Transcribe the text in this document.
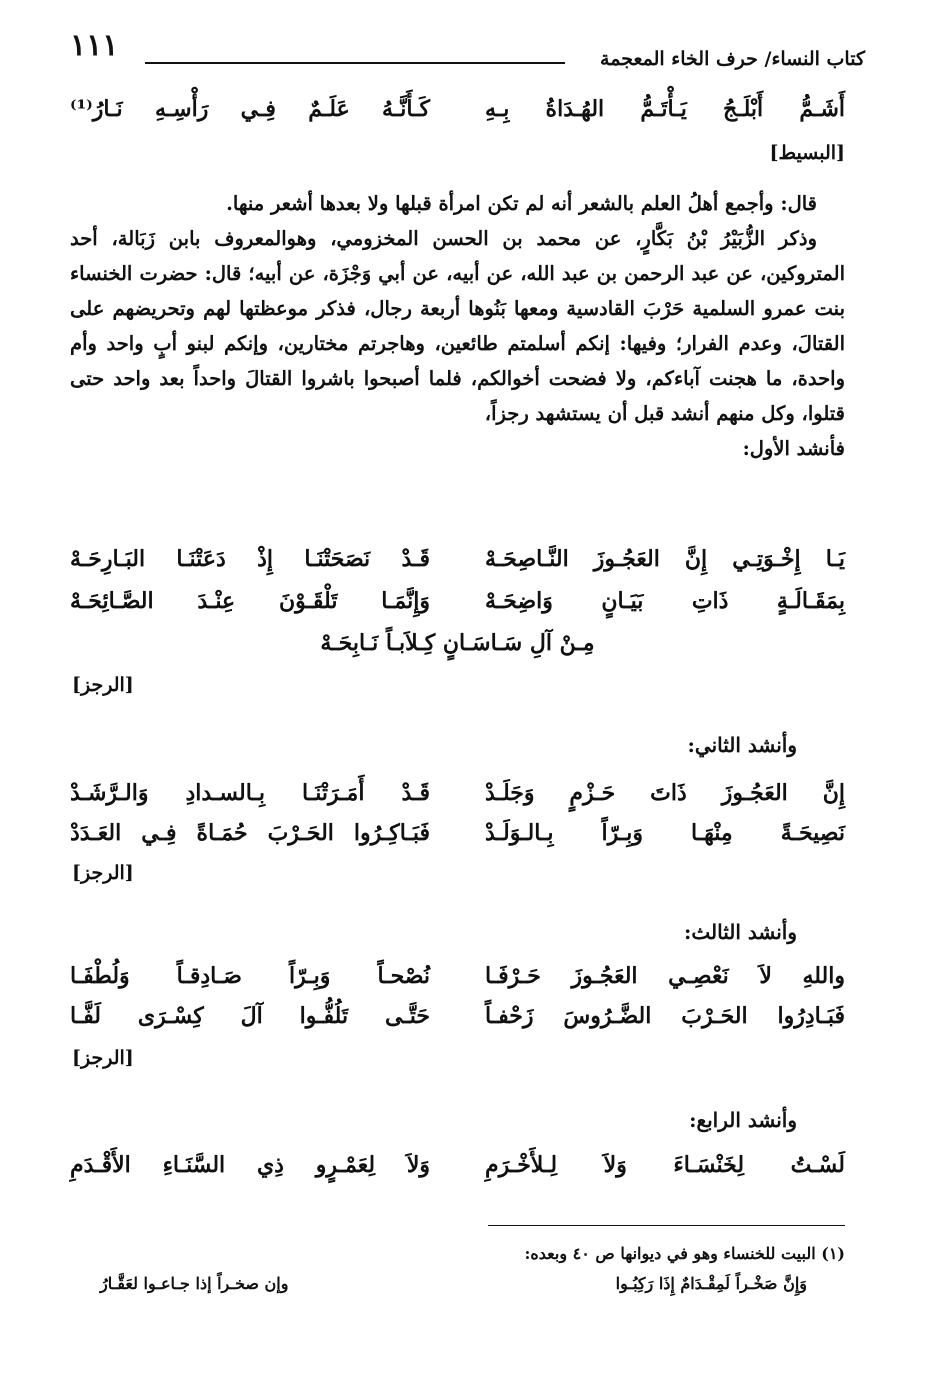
١١١	كتاب النساء/ حرف الخاء المعجمة
أَشَـمُّ أَبْلَـجُ يَـأْتَـمُّ الهُـدَاةُ بِـهِ
كَـأَنَّـهُ عَلَـمٌ فِـي رَأْسِـهِ نَـارُ⁽¹⁾
[البسيط]

قال: وأجمع أهلُ العلم بالشعر أنه لم تكن امرأة قبلها ولا بعدها أشعر منها.

وذكر الزُّبَيْرُ بْنُ بَكَّارٍ، عن محمد بن الحسن المخزومي، وهوالمعروف بابن زَبَالة، أحد المتروكين، عن عبد الرحمن بن عبد الله، عن أبيه، عن أبي وَجْزَة، عن أبيه؛ قال: حضرت الخنساء بنت عمرو السلمية حَرْبَ القادسية ومعها بَنُوها أربعة رجال، فذكر موعظتها لهم وتحريضهم على القتالَ، وعدم الفرار؛ وفيها: إنكم أسلمتم طائعين، وهاجرتم مختارين، وإنكم لبنو أبٍ واحد وأم واحدة، ما هجنت آباءكم، ولا فضحت أخوالكم، فلما أصبحوا باشروا القتالَ واحداً بعد واحد حتى قتلوا، وكل منهم أنشد قبل أن يستشهد رجزاً،

فأنشد الأول:

يَـا إِخْـوَتِـي إِنَّ العَجُـوزَ النَّـاصِحَـهْ
قَـدْ نَصَحَتْنَـا إِذْ دَعَتْنَـا البَـارِحَـهْ
بِمَقَـالَـةٍ ذَاتِ بَيَـانٍ وَاضِحَـهْ
وَإِنَّمَـا تَلْقَـوْنَ عِنْـدَ الصَّـائِحَـهْ
مِـنْ آلِ سَـاسَـانٍ كِـلاَبـاً نَـابِحَـهْ
[الرجز]
وأنشد الثاني:
إِنَّ العَجُـوزَ ذَاتَ حَـزْمٍ وَجَلَـدْ
قَـدْ أَمَـرَتْنَـا بِـالسـدادِ وَالـرَّشَـدْ
نَصِيحَـةً مِنْهَـا وَبِـرّاً بِـالـوَلَـدْ
فَبَـاكِـرُوا الحَـرْبَ حُمَـاةً فِـي العَـدَدْ
[الرجز]
وأنشد الثالث:
واللهِ لاَ نَعْصِـي العَجُـوزَ حَـرْفَـا
نُصْحـاً وَبِـرّاً صَـادِقـاً وَلُطْفَـا
فَبَـادِرُوا الحَـرْبَ الضَّـرُوسَ زَحْفـاً
حَتَّـى تَلُفُّـوا آلَ كِسْـرَى لَفَّـا
[الرجز]
وأنشد الرابع:
لَسْـتُ لِخَنْسَـاءَ وَلاَ لِـلأَخْـرَمِ
وَلاَ لِعَمْـرٍو ذِي السَّنَـاءِ الأَقْـدَمِ
(١) البيت للخنساء وهو في ديوانها ص ٤٠ وبعده:
وَإِنَّ صَخْـراً لَمِقْـدَامٌ إِذَا رَكِبُـوا
وإن صخـراً إذا جـاعـوا لعَقَّـارُ
